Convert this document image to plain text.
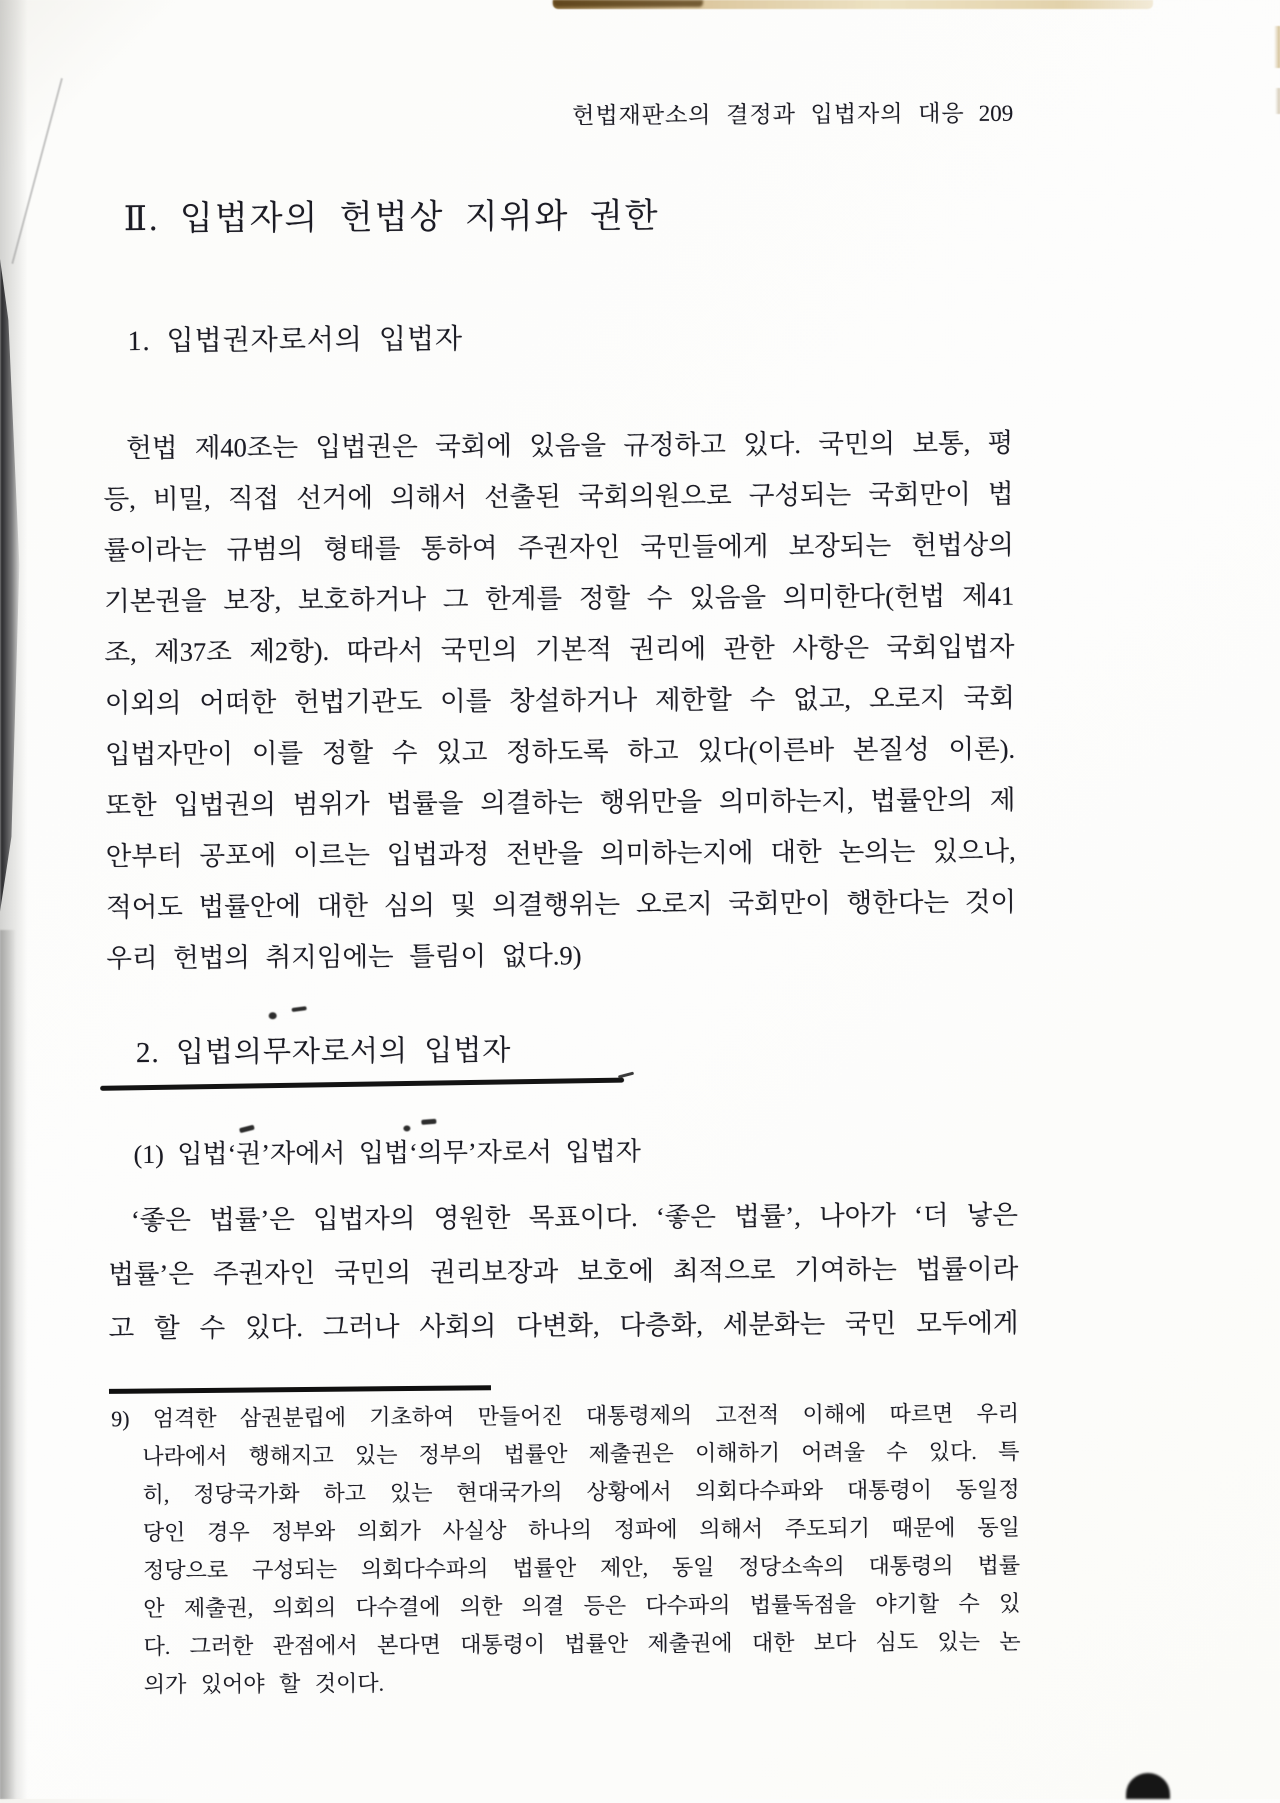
헌법재판소의 결정과 입법자의 대응 209
Ⅱ. 입법자의 헌법상 지위와 권한
1. 입법권자로서의 입법자
헌법 제40조는 입법권은 국회에 있음을 규정하고 있다. 국민의 보통, 평
등, 비밀, 직접 선거에 의해서 선출된 국회의원으로 구성되는 국회만이 법
률이라는 규범의 형태를 통하여 주권자인 국민들에게 보장되는 헌법상의
기본권을 보장, 보호하거나 그 한계를 정할 수 있음을 의미한다(헌법 제41
조, 제37조 제2항). 따라서 국민의 기본적 권리에 관한 사항은 국회입법자
이외의 어떠한 헌법기관도 이를 창설하거나 제한할 수 없고, 오로지 국회
입법자만이 이를 정할 수 있고 정하도록 하고 있다(이른바 본질성 이론).
또한 입법권의 범위가 법률을 의결하는 행위만을 의미하는지, 법률안의 제
안부터 공포에 이르는 입법과정 전반을 의미하는지에 대한 논의는 있으나,
적어도 법률안에 대한 심의 및 의결행위는 오로지 국회만이 행한다는 것이
우리 헌법의 취지임에는 틀림이 없다.9)
2. 입법의무자로서의 입법자
(1) 입법‘권’자에서 입법‘의무’자로서 입법자
‘좋은 법률’은 입법자의 영원한 목표이다. ‘좋은 법률’, 나아가 ‘더 낳은
법률’은 주권자인 국민의 권리보장과 보호에 최적으로 기여하는 법률이라
고 할 수 있다. 그러나 사회의 다변화, 다층화, 세분화는 국민 모두에게
9) 엄격한 삼권분립에 기초하여 만들어진 대통령제의 고전적 이해에 따르면 우리
나라에서 행해지고 있는 정부의 법률안 제출권은 이해하기 어려울 수 있다. 특
히, 정당국가화 하고 있는 현대국가의 상황에서 의회다수파와 대통령이 동일정
당인 경우 정부와 의회가 사실상 하나의 정파에 의해서 주도되기 때문에 동일
정당으로 구성되는 의회다수파의 법률안 제안, 동일 정당소속의 대통령의 법률
안 제출권, 의회의 다수결에 의한 의결 등은 다수파의 법률독점을 야기할 수 있
다. 그러한 관점에서 본다면 대통령이 법률안 제출권에 대한 보다 심도 있는 논
의가 있어야 할 것이다.
